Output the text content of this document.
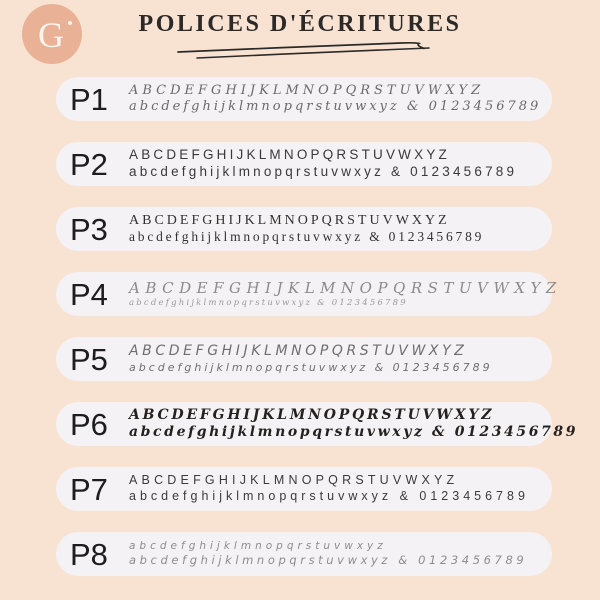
G	POLICES D'ÉCRITURES
P1	ABCDEFGHIJKLMNOPQRSTUVWXYZ
abcdefghijklmnopqrstuvwxyz & 0123456789
P2	ABCDEFGHIJKLMNOPQRSTUVWXYZ
abcdefghijklmnopqrstuvwxyz & 0123456789
P3	ABCDEFGHIJKLMNOPQRSTUVWXYZ
abcdefghijklmnopqrstuvwxyz & 0123456789
P4	ABCDEFGHIJKLMNOPQRSTUVWXYZ
abcdefghijklmnopqrstuvwxyz & 0123456789
P5	ABCDEFGHIJKLMNOPQRSTUVWXYZ
abcdefghijklmnopqrstuvwxyz & 0123456789
P6	ABCDEFGHIJKLMNOPQRSTUVWXYZ
abcdefghijklmnopqrstuvwxyz & 0123456789
P7	ABCDEFGHIJKLMNOPQRSTUVWXYZ
abcdefghijklmnopqrstuvwxyz & 0123456789
P8	abcdefghijklmnopqrstuvwxyz
abcdefghijklmnopqrstuvwxyz & 0123456789
